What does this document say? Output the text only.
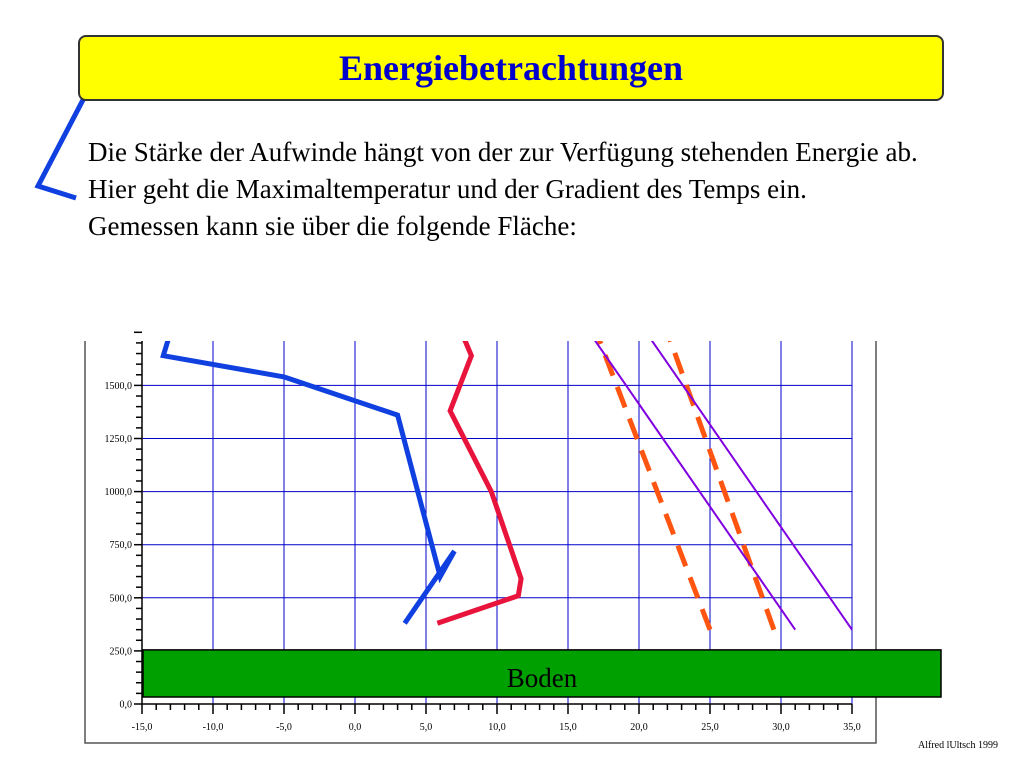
Energiebetrachtungen

Die Stärke der Aufwinde hängt von der zur Verfügung stehenden Energie ab.

Hier geht die Maximaltemperatur und der Gradient des Temps ein.

Gemessen kann sie über die folgende Fläche:

Boden
0,0
250,0
500,0
750,0
1000,0
1250,0
1500,0
-15,0	-10,0	-5,0	0,0	5,0	10,0	15,0	20,0	25,0	30,0	35,0
Alfred lUltsch 1999
